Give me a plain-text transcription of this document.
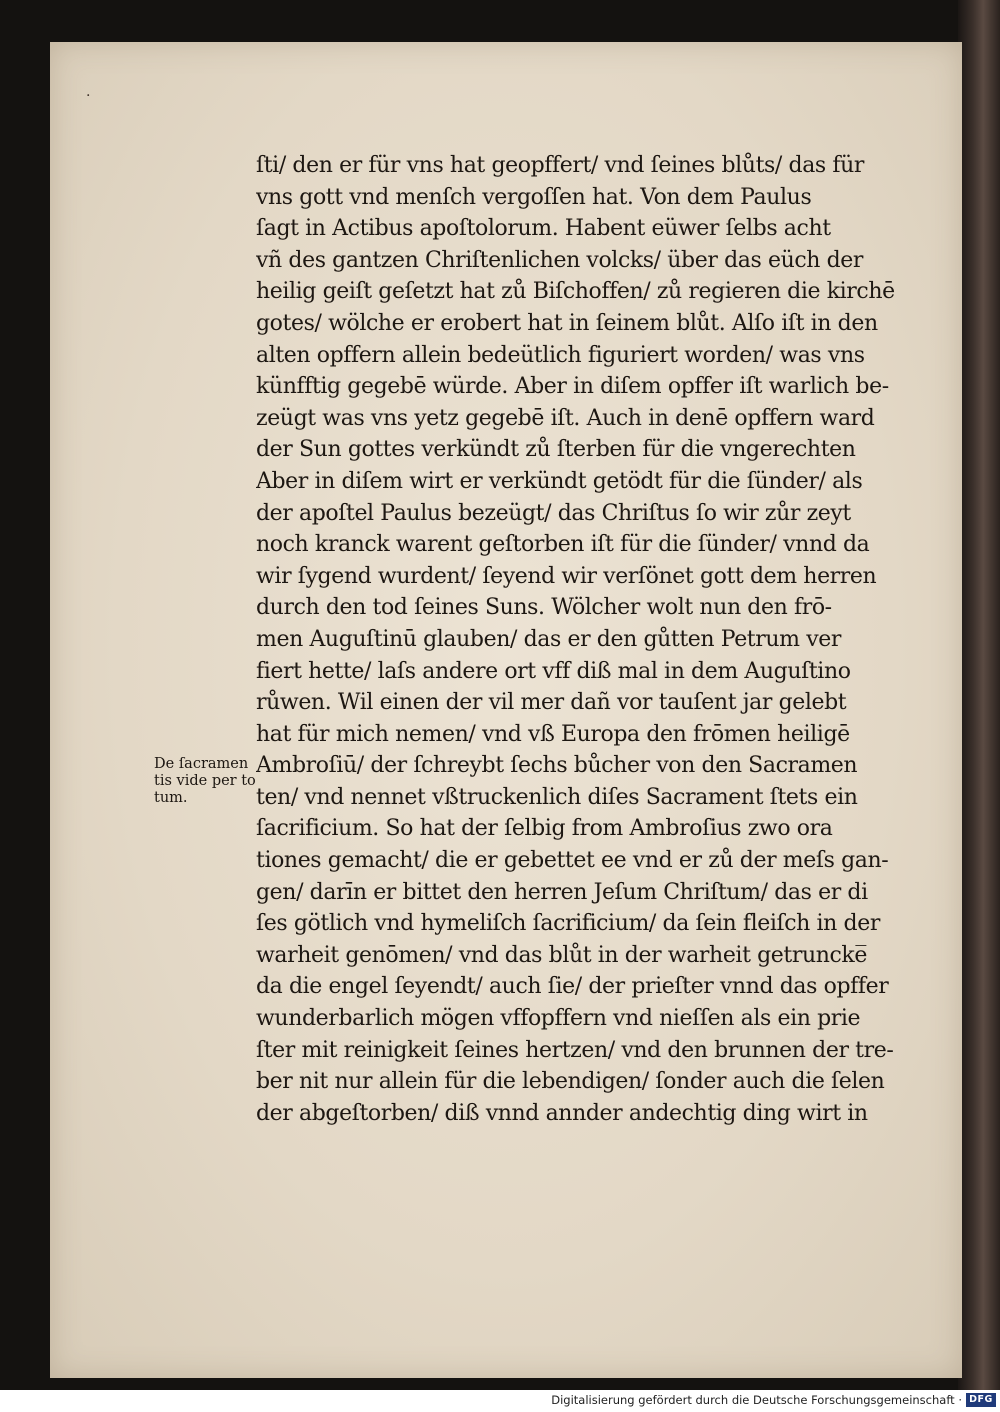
.
De ſacramen
tis vide per to
tum.
ſti/ den er für vns hat geopffert/ vnd ſeines blůts/ das für
vns gott vnd menſch vergoſſen hat. Von dem Paulus
ſagt in Actibus apoſtolorum. Habent eüwer ſelbs acht
vñ des gantzen Chriſtenlichen volcks/ über das eüch der
heilig geiſt geſetzt hat zů Biſchoffen/ zů regieren die kirchē
gotes/ wölche er erobert hat in ſeinem blůt. Alſo iſt in den
alten opffern allein bedeütlich figuriert worden/ was vns
künfftig gegebē würde. Aber in diſem opffer iſt warlich be-
zeügt was vns yetz gegebē iſt. Auch in denē opffern ward
der Sun gottes verkündt zů ſterben für die vngerechten
Aber in diſem wirt er verkündt getödt für die ſünder/ als
der apoſtel Paulus bezeügt/ das Chriſtus ſo wir zůr zeyt
noch kranck warent geſtorben iſt für die ſünder/ vnnd da
wir ſygend wurdent/ ſeyend wir verſönet gott dem herren
durch den tod ſeines Suns. Wölcher wolt nun den frō-
men Auguſtinū glauben/ das er den gůtten Petrum ver
fiert hette/ laſs andere ort vff diß mal in dem Auguſtino
růwen. Wil einen der vil mer dañ vor tauſent jar gelebt
hat für mich nemen/ vnd vß Europa den frōmen heiligē
Ambroſiū/ der ſchreybt ſechs bůcher von den Sacramen
ten/ vnd nennet vßtruckenlich diſes Sacrament ſtets ein
ſacrificium. So hat der ſelbig from Ambroſius zwo ora
tiones gemacht/ die er gebettet ee vnd er zů der meſs gan-
gen/ darīn er bittet den herren Jeſum Chriſtum/ das er di
ſes götlich vnd hymeliſch ſacrificium/ da ſein fleiſch in der
warheit genōmen/ vnd das blůt in der warheit getruncke̅
da die engel ſeyendt/ auch ſie/ der prieſter vnnd das opffer
wunderbarlich mögen vffopffern vnd nieſſen als ein prie
ſter mit reinigkeit ſeines hertzen/ vnd den brunnen der tre-
ber nit nur allein für die lebendigen/ ſonder auch die ſelen
der abgeſtorben/ diß vnnd annder andechtig ding wirt in
Digitalisierung gefördert durch die Deutsche Forschungsgemeinschaft · DFG
